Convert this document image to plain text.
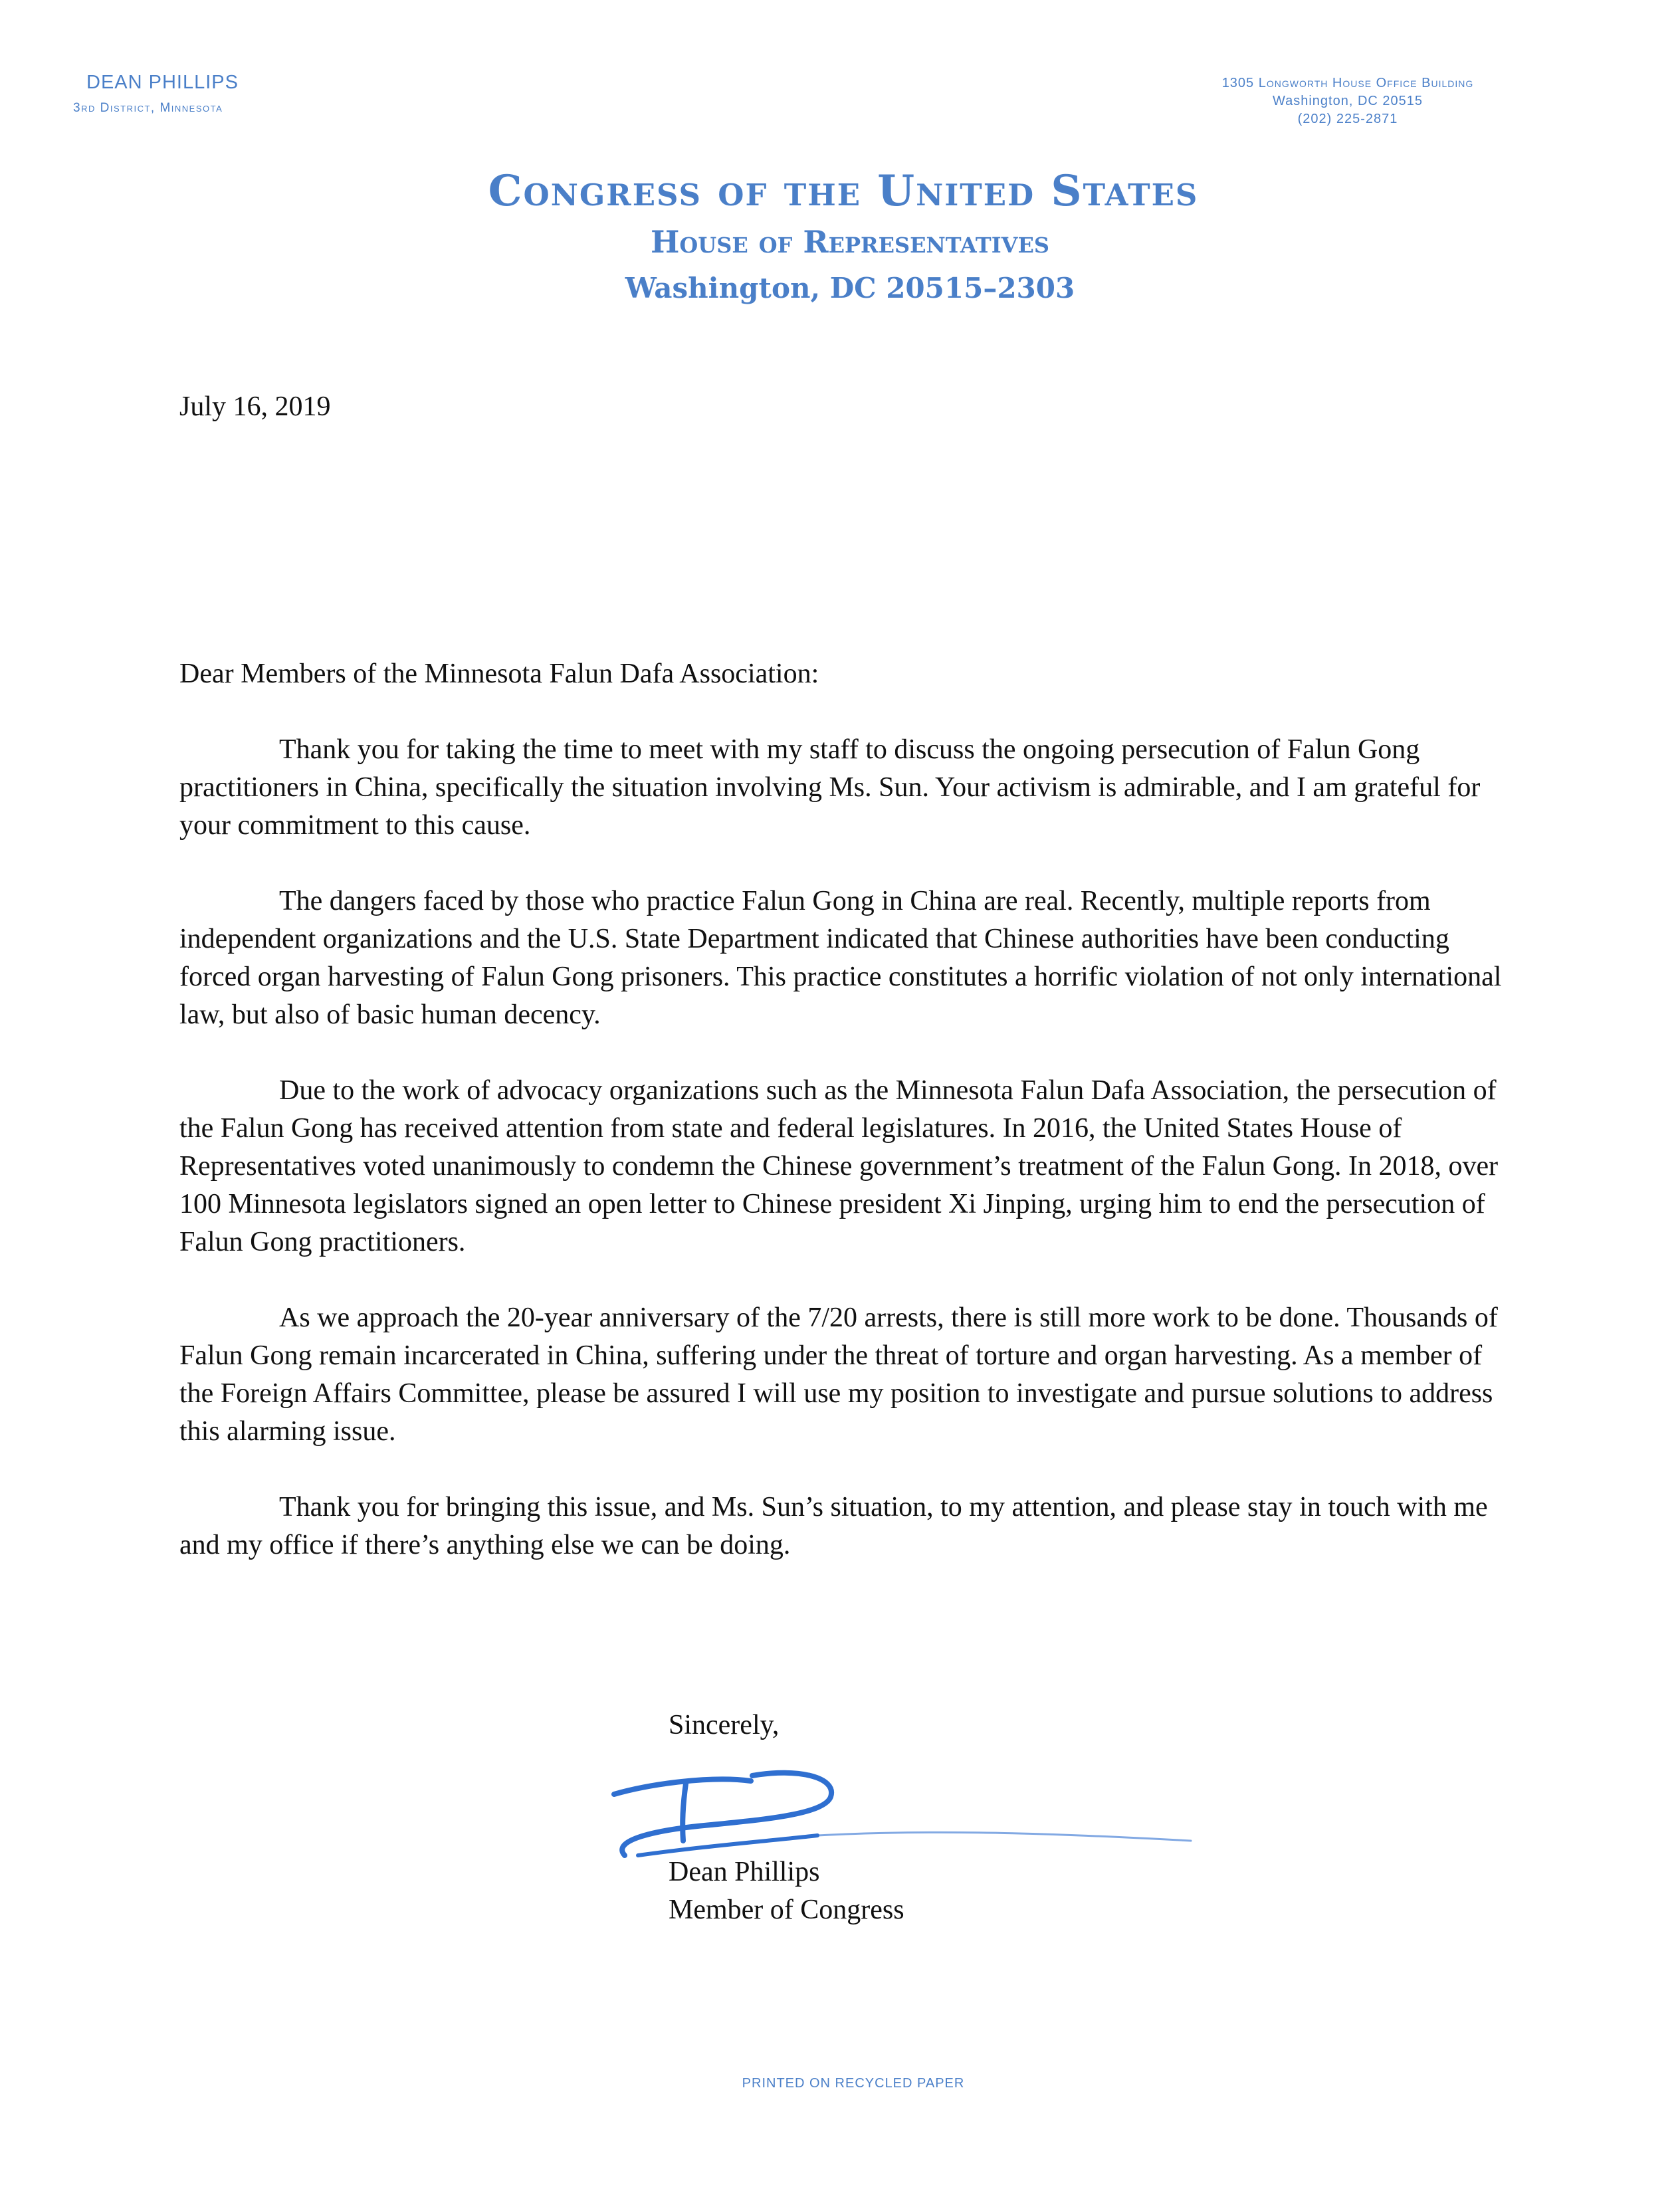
DEAN PHILLIPS
3rd District, Minnesota
1305 Longworth House Office Building
Washington, DC 20515
(202) 225-2871
Congress of the United States
House of Representatives
Washington, DC 20515–2303
July 16, 2019
Dear Members of the Minnesota Falun Dafa Association:

Thank you for taking the time to meet with my staff to discuss the ongoing persecution of Falun Gong practitioners in China, specifically the situation involving Ms. Sun. Your activism is admirable, and I am grateful for your commitment to this cause.

The dangers faced by those who practice Falun Gong in China are real. Recently, multiple reports from independent organizations and the U.S. State Department indicated that Chinese authorities have been conducting forced organ harvesting of Falun Gong prisoners. This practice constitutes a horrific violation of not only international law, but also of basic human decency.

Due to the work of advocacy organizations such as the Minnesota Falun Dafa Association, the persecution of the Falun Gong has received attention from state and federal legislatures. In 2016, the United States House of Representatives voted unanimously to condemn the Chinese government’s treatment of the Falun Gong. In 2018, over 100 Minnesota legislators signed an open letter to Chinese president Xi Jinping, urging him to end the persecution of Falun Gong practitioners.

As we approach the 20-year anniversary of the 7/20 arrests, there is still more work to be done. Thousands of Falun Gong remain incarcerated in China, suffering under the threat of torture and organ harvesting. As a member of the Foreign Affairs Committee, please be assured I will use my position to investigate and pursue solutions to address this alarming issue.

Thank you for bringing this issue, and Ms. Sun’s situation, to my attention, and please stay in touch with me and my office if there’s anything else we can be doing.

Sincerely,
Dean Phillips
Member of Congress
PRINTED ON RECYCLED PAPER
